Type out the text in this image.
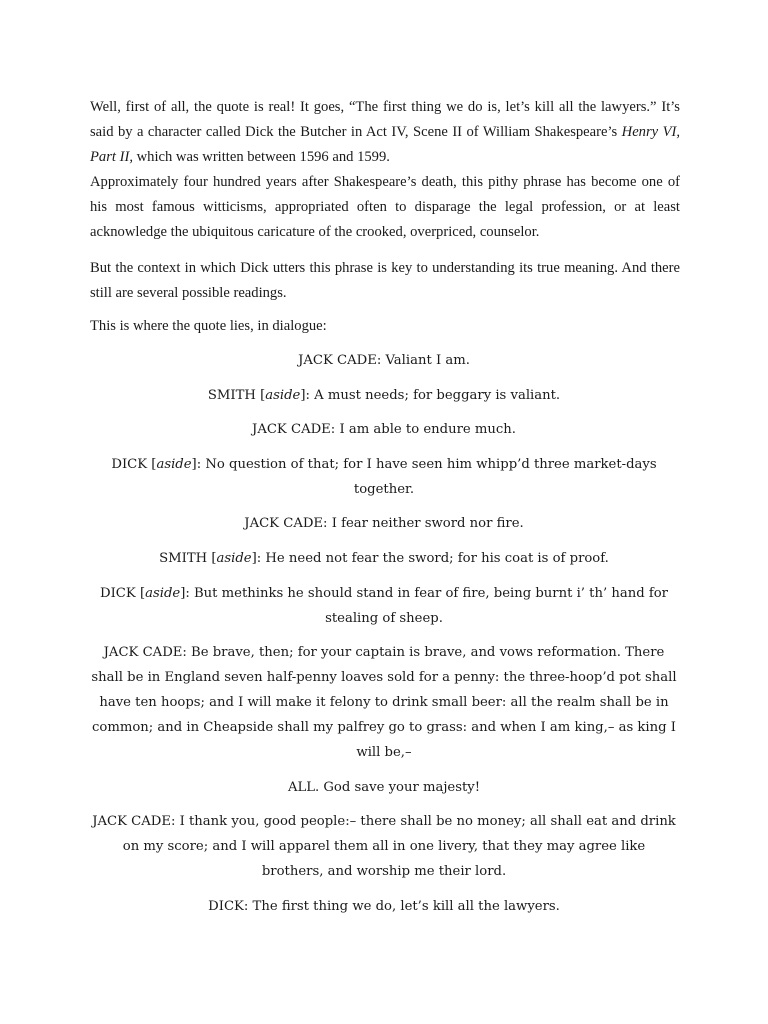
Well, first of all, the quote is real! It goes, “The first thing we do is, let’s kill all the lawyers.” It’s said by a character called Dick the Butcher in Act IV, Scene II of William Shakespeare’s Henry VI, Part II, which was written between 1596 and 1599.

Approximately four hundred years after Shakespeare’s death, this pithy phrase has become one of his most famous witticisms, appropriated often to disparage the legal profession, or at least acknowledge the ubiquitous caricature of the crooked, overpriced, counselor.

But the context in which Dick utters this phrase is key to understanding its true meaning. And there still are several possible readings.

This is where the quote lies, in dialogue:

JACK CADE: Valiant I am.

SMITH [aside]: A must needs; for beggary is valiant.

JACK CADE: I am able to endure much.

DICK [aside]: No question of that; for I have seen him whipp’d three market-days together.

JACK CADE: I fear neither sword nor fire.

SMITH [aside]: He need not fear the sword; for his coat is of proof.

DICK [aside]: But methinks he should stand in fear of fire, being burnt i’ th’ hand for stealing of sheep.

JACK CADE: Be brave, then; for your captain is brave, and vows reformation. There shall be in England seven half-penny loaves sold for a penny: the three-hoop’d pot shall have ten hoops; and I will make it felony to drink small beer: all the realm shall be in common; and in Cheapside shall my palfrey go to grass: and when I am king,– as king I will be,–

ALL. God save your majesty!

JACK CADE: I thank you, good people:– there shall be no money; all shall eat and drink on my score; and I will apparel them all in one livery, that they may agree like brothers, and worship me their lord.

DICK: The first thing we do, let’s kill all the lawyers.
